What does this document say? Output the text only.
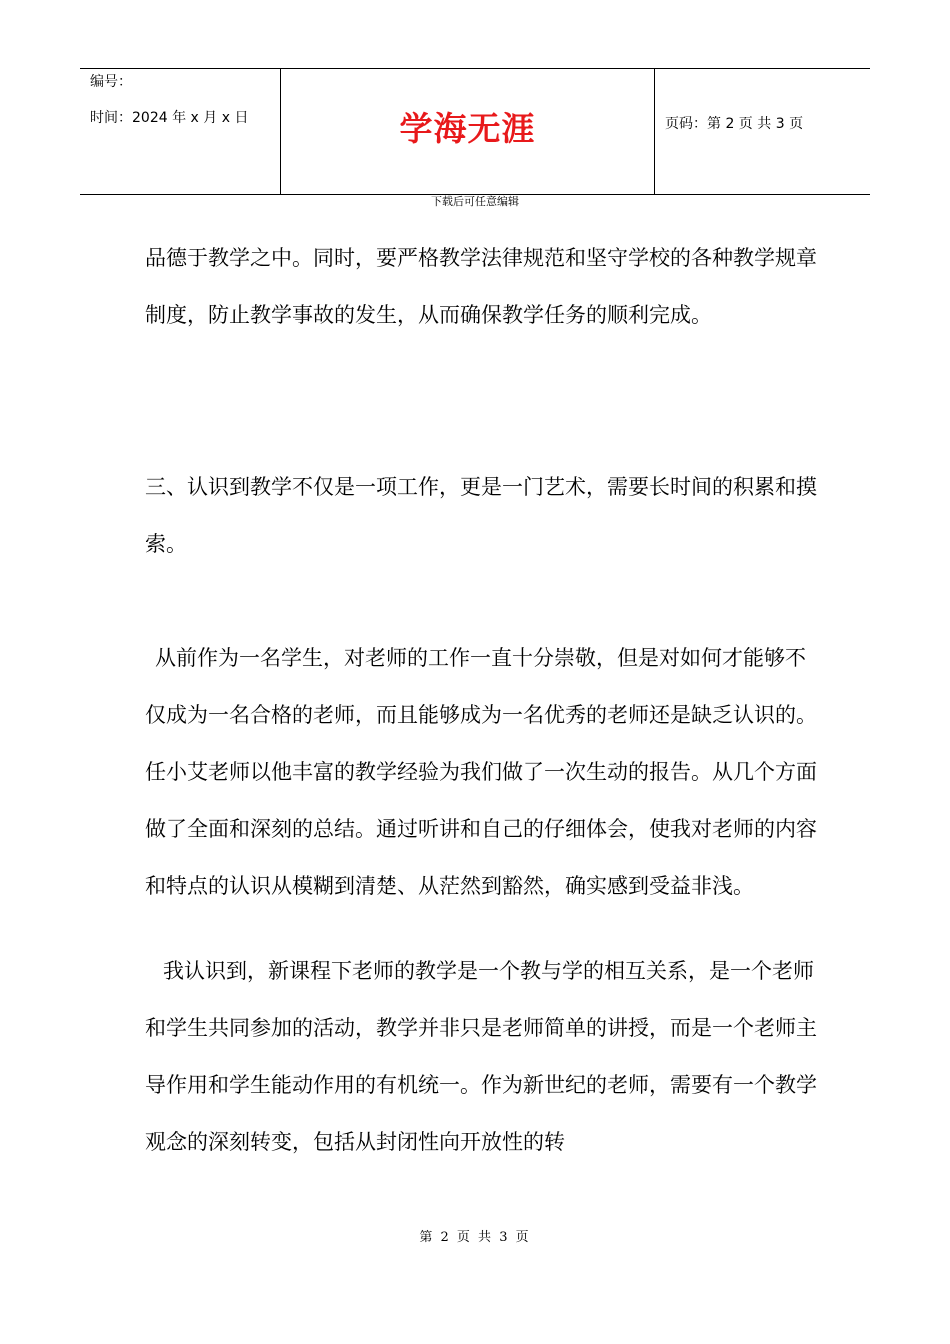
编号：
时间：2024 年 x 月 x 日	学海无涯	页码：第 2 页 共 3 页
下载后可任意编辑

品德于教学之中。同时，要严格教学法律规范和坚守学校的各种教学规章制度，防止教学事故的发生，从而确保教学任务的顺利完成。

三、认识到教学不仅是一项工作，更是一门艺术，需要长时间的积累和摸索。

从前作为一名学生，对老师的工作一直十分崇敬，但是对如何才能够不仅成为一名合格的老师，而且能够成为一名优秀的老师还是缺乏认识的。任小艾老师以他丰富的教学经验为我们做了一次生动的报告。从几个方面做了全面和深刻的总结。通过听讲和自己的仔细体会，使我对老师的内容和特点的认识从模糊到清楚、从茫然到豁然，确实感到受益非浅。

我认识到，新课程下老师的教学是一个教与学的相互关系，是一个老师和学生共同参加的活动，教学并非只是老师简单的讲授，而是一个老师主导作用和学生能动作用的有机统一。作为新世纪的老师，需要有一个教学观念的深刻转变，包括从封闭性向开放性的转

第 2 页 共 3 页
